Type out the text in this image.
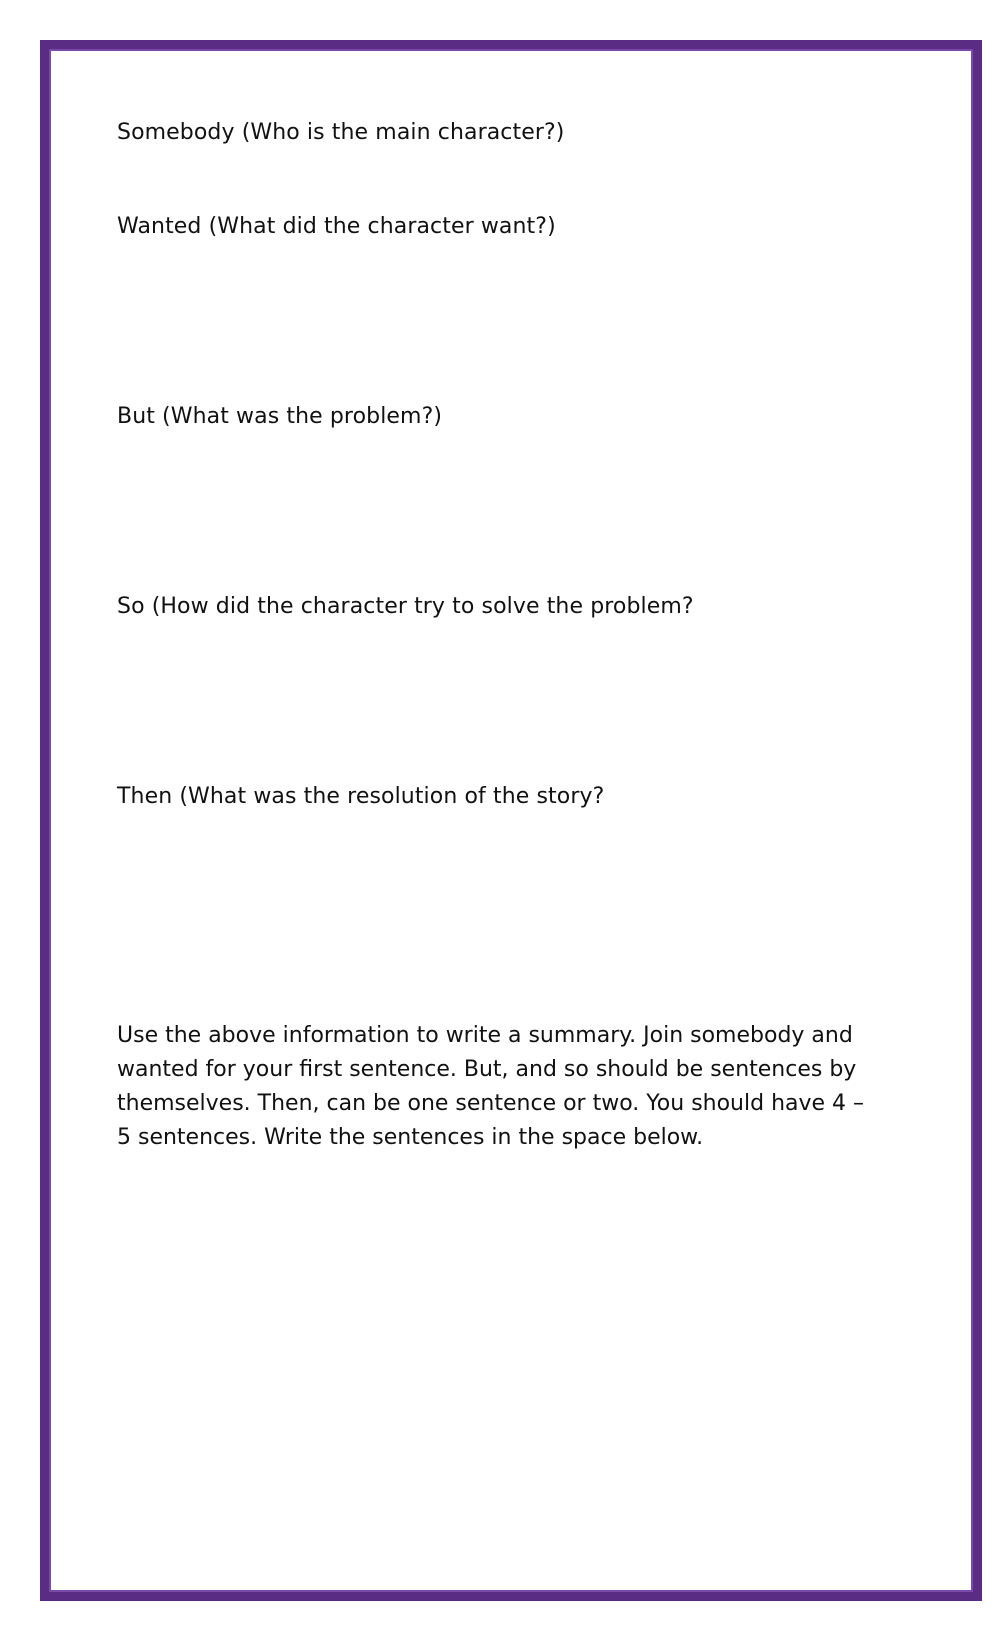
Somebody (Who is the main character?)

Wanted (What did the character want?)

But (What was the problem?)

So (How did the character try to solve the problem?

Then (What was the resolution of the story?

Use the above information to write a summary. Join somebody and wanted for your first sentence. But, and so should be sentences by themselves. Then, can be one sentence or two. You should have 4 – 5 sentences. Write the sentences in the space below.
